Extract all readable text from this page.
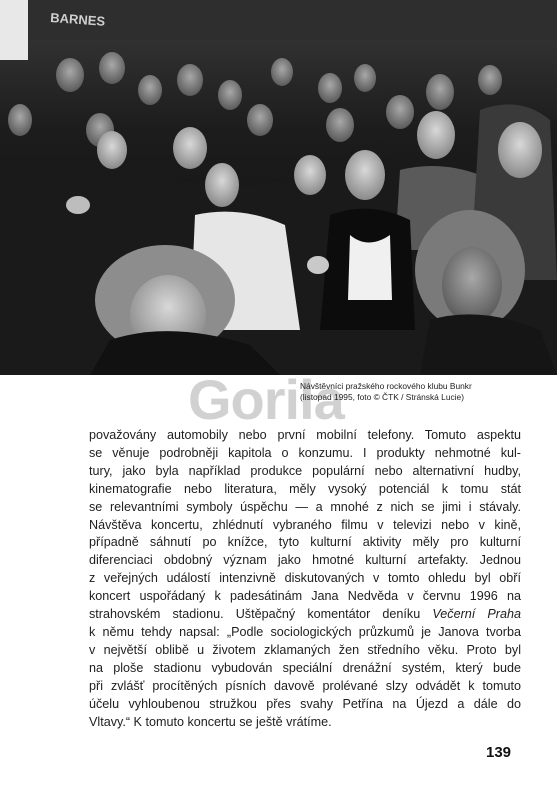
BARNES
Gorila
Návštěvníci pražského rockového klubu Bunkr
(listopad 1995, foto © ČTK / Stránská Lucie)
považovány automobily nebo první mobilní telefony. Tomuto aspektu
se věnuje podrobněji kapitola o konzumu. I produkty nehmotné kul-
tury, jako byla například produkce populární nebo alternativní hudby,
kinematografie nebo literatura, měly vysoký potenciál k tomu stát
se relevantními symboly úspěchu — a mnohé z nich se jimi i stávaly.
Návštěva koncertu, zhlédnutí vybraného filmu v televizi nebo v kině,
případně sáhnutí po knížce, tyto kulturní aktivity měly pro kulturní
diferenciaci obdobný význam jako hmotné kulturní artefakty. Jednou
z veřejných událostí intenzivně diskutovaných v tomto ohledu byl obří
koncert uspořádaný k padesátinám Jana Nedvěda v červnu 1996 na
strahovském stadionu. Uštěpačný komentátor deníku Večerní Praha
k němu tehdy napsal: „Podle sociologických průzkumů je Janova tvorba
v největší oblibě u životem zklamaných žen středního věku. Proto byl
na ploše stadionu vybudován speciální drenážní systém, který bude
při zvlášť procítěných písních davově prolévané slzy odvádět k tomuto
účelu vyhloubenou stružkou přes svahy Petřína na Újezd a dále do
Vltavy.“ K tomuto koncertu se ještě vrátíme.
139
